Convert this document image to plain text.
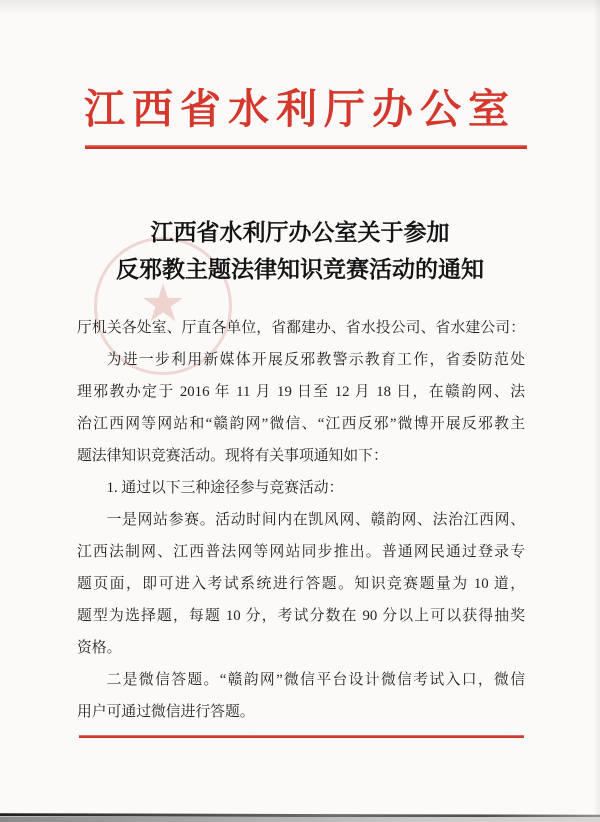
江西省水利厅办公室
★
江西省水利厅办公室关于参加
反邪教主题法律知识竞赛活动的通知
厅机关各处室、厅直各单位，省鄱建办、省水投公司、省水建公司：
为进一步利用新媒体开展反邪教警示教育工作，省委防范处
理邪教办定于 2016 年 11 月 19 日至 12 月 18 日，在赣韵网、法
治江西网等网站和“赣韵网”微信、“江西反邪”微博开展反邪教主
题法律知识竞赛活动。现将有关事项通知如下：
1. 通过以下三种途径参与竞赛活动：
一是网站参赛。活动时间内在凯风网、赣韵网、法治江西网、
江西法制网、江西普法网等网站同步推出。普通网民通过登录专
题页面，即可进入考试系统进行答题。知识竞赛题量为 10 道，
题型为选择题，每题 10 分，考试分数在 90 分以上可以获得抽奖
资格。
二是微信答题。“赣韵网”微信平台设计微信考试入口，微信
用户可通过微信进行答题。
